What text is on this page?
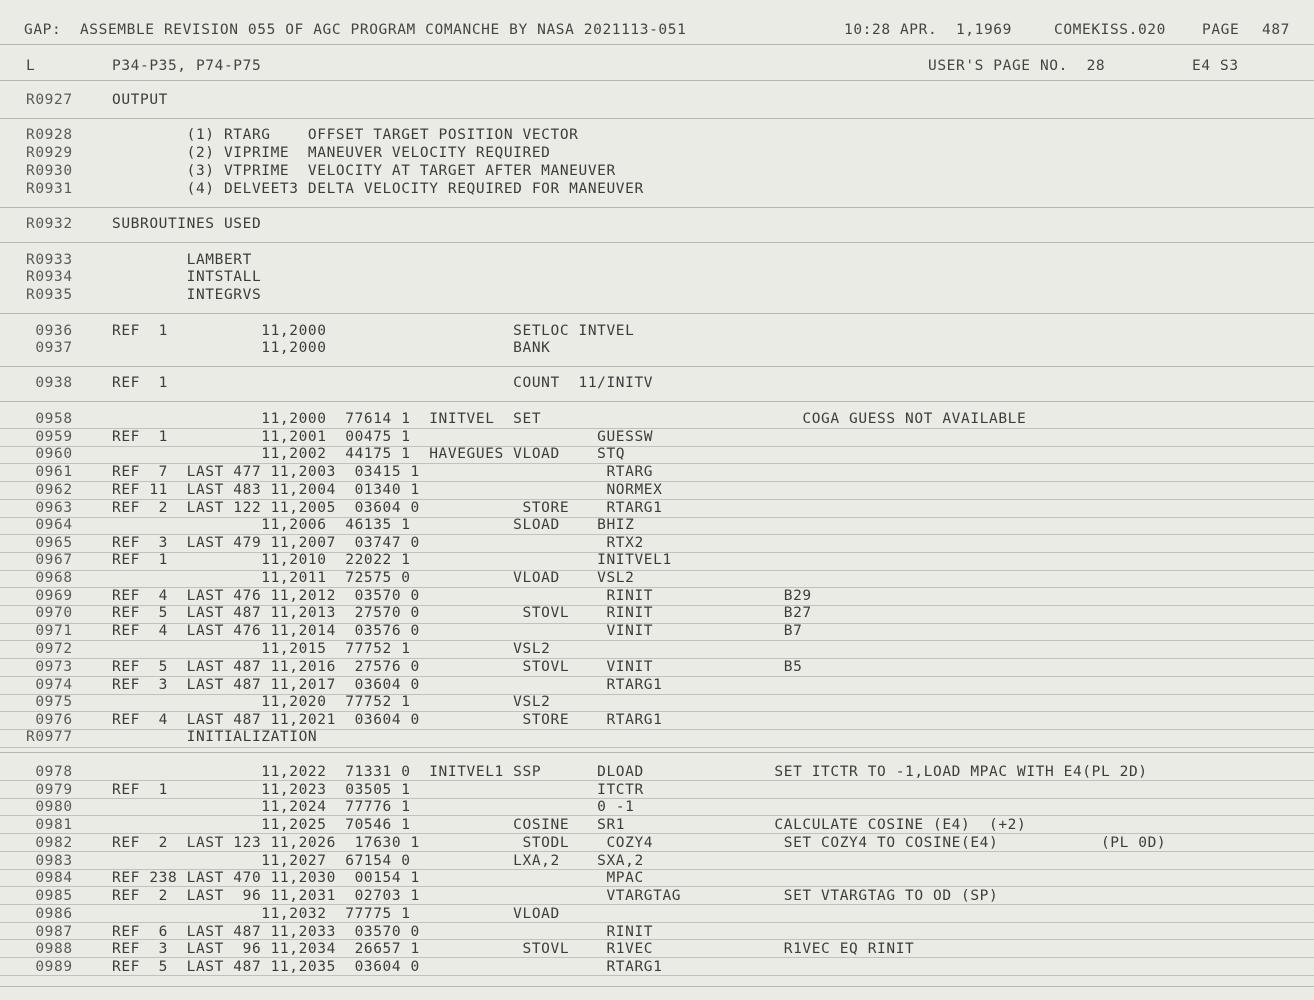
GAP:  ASSEMBLE REVISION 055 OF AGC PROGRAM COMANCHE BY NASA 2021113-051	10:28 APR.  1,1969	COMEKISS.020 PAGE 487
L	P34-P35, P74-P75	USER'S PAGE NO.  28	E4 S3
R0927	OUTPUT
R0928	(1) RTARG    OFFSET TARGET POSITION VECTOR
R0929	(2) VIPRIME  MANEUVER VELOCITY REQUIRED
R0930	(3) VTPRIME  VELOCITY AT TARGET AFTER MANEUVER
R0931	(4) DELVEET3 DELTA VELOCITY REQUIRED FOR MANEUVER
R0932	SUBROUTINES USED
R0933	LAMBERT
R0934	INTSTALL
R0935	INTEGRVS
0936	REF  1          11,2000                    SETLOC INTVEL
0937	11,2000                    BANK
0938	REF  1                                     COUNT  11/INITV
0958	11,2000  77614 1  INITVEL  SET                            COGA GUESS NOT AVAILABLE
0959	REF  1          11,2001  00475 1                    GUESSW
0960	11,2002  44175 1  HAVEGUES VLOAD    STQ
0961	REF  7  LAST 477 11,2003  03415 1                    RTARG
0962	REF 11  LAST 483 11,2004  01340 1                    NORMEX
0963	REF  2  LAST 122 11,2005  03604 0           STORE    RTARG1
0964	11,2006  46135 1           SLOAD    BHIZ
0965	REF  3  LAST 479 11,2007  03747 0                    RTX2
0967	REF  1          11,2010  22022 1                    INITVEL1
0968	11,2011  72575 0           VLOAD    VSL2
0969	REF  4  LAST 476 11,2012  03570 0                    RINIT              B29
0970	REF  5  LAST 487 11,2013  27570 0           STOVL    RINIT              B27
0971	REF  4  LAST 476 11,2014  03576 0                    VINIT              B7
0972	11,2015  77752 1           VSL2
0973	REF  5  LAST 487 11,2016  27576 0           STOVL    VINIT              B5
0974	REF  3  LAST 487 11,2017  03604 0                    RTARG1
0975	11,2020  77752 1           VSL2
0976	REF  4  LAST 487 11,2021  03604 0           STORE    RTARG1
R0977	INITIALIZATION
0978	11,2022  71331 0  INITVEL1 SSP      DLOAD              SET ITCTR TO -1,LOAD MPAC WITH E4(PL 2D)
0979	REF  1          11,2023  03505 1                    ITCTR
0980	11,2024  77776 1                    0 -1
0981	11,2025  70546 1           COSINE   SR1                CALCULATE COSINE (E4)  (+2)
0982	REF  2  LAST 123 11,2026  17630 1           STODL    COZY4              SET COZY4 TO COSINE(E4)           (PL 0D)
0983	11,2027  67154 0           LXA,2    SXA,2
0984	REF 238 LAST 470 11,2030  00154 1                    MPAC
0985	REF  2  LAST  96 11,2031  02703 1                    VTARGTAG           SET VTARGTAG TO OD (SP)
0986	11,2032  77775 1           VLOAD
0987	REF  6  LAST 487 11,2033  03570 0                    RINIT
0988	REF  3  LAST  96 11,2034  26657 1           STOVL    R1VEC              R1VEC EQ RINIT
0989	REF  5  LAST 487 11,2035  03604 0                    RTARG1
